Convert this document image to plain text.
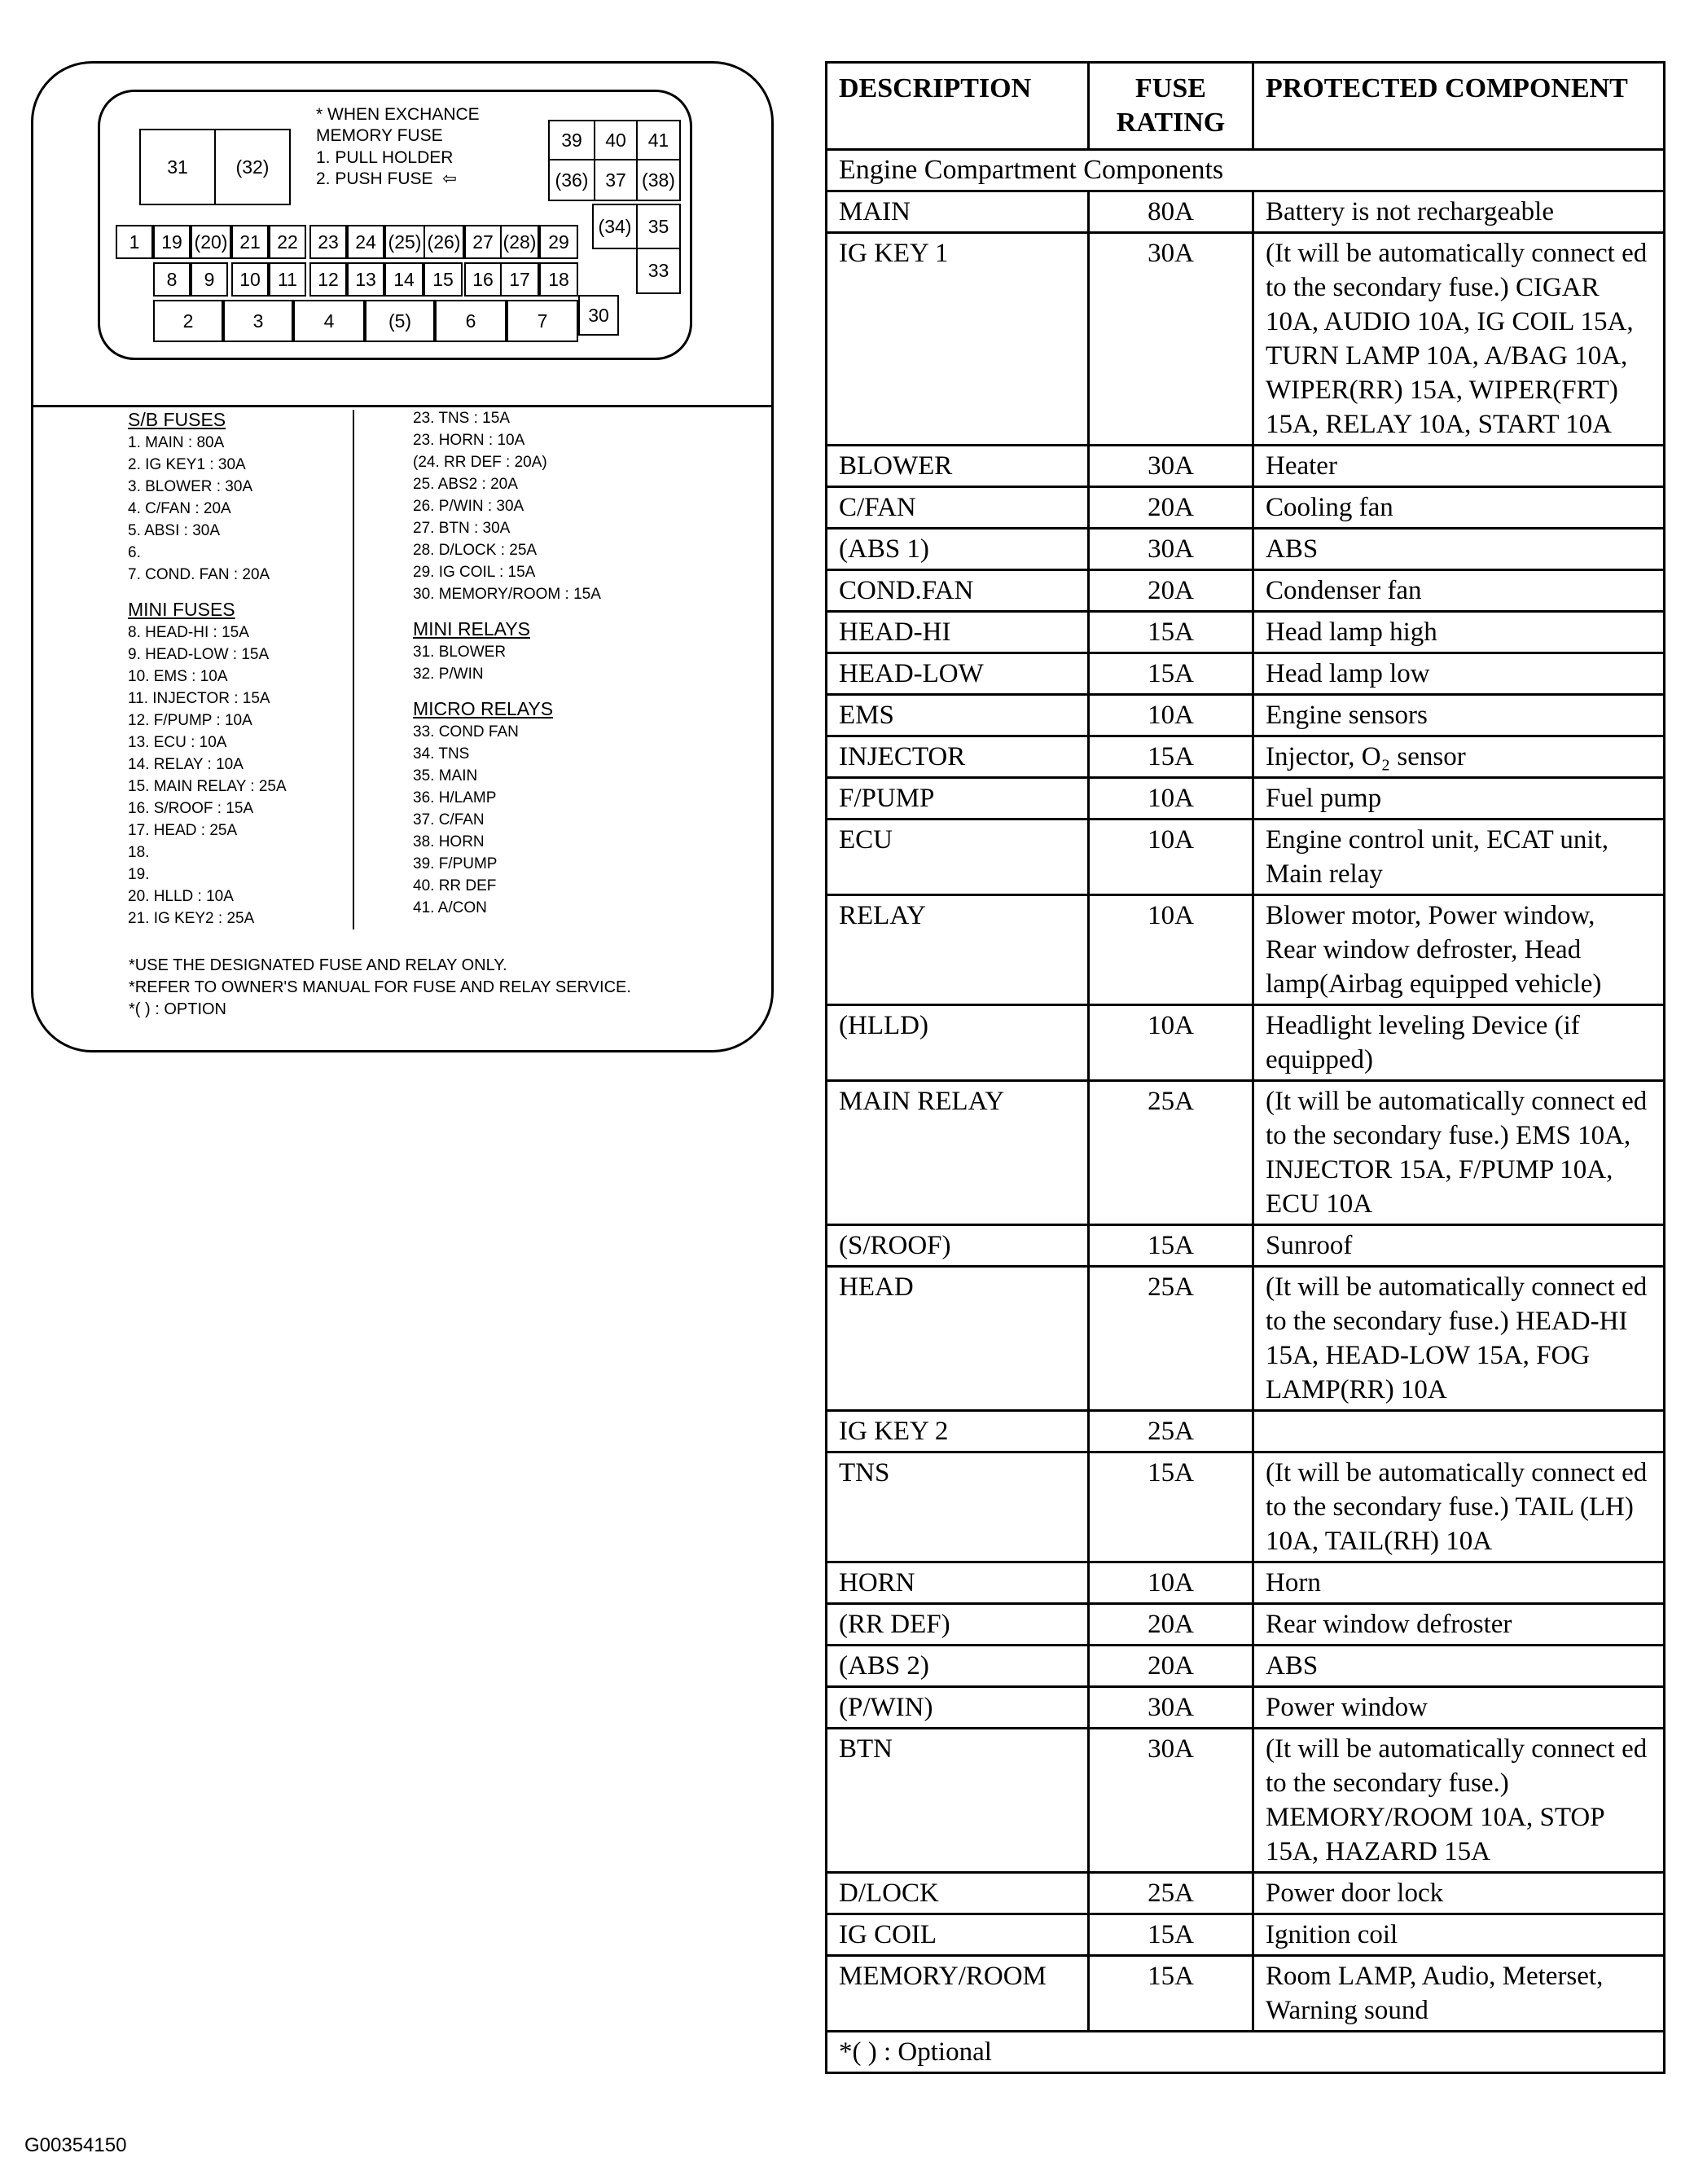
* WHEN EXCHANCE
MEMORY FUSE
1. PULL HOLDER
2. PUSH FUSE  ⇦
31	(32)
39	40	41
(36) 37 (38)
(34) 35
33
1	19 (20) 21 22	23 24 (25) (26) 27 (28) 29
8	9	10 11	12 13 14 15	16 17 18
30
2	3	4	(5)	6	7
S/B FUSES
1. MAIN : 80A
2. IG KEY1 : 30A
3. BLOWER : 30A
4. C/FAN : 20A
5. ABSI : 30A
6.
7. COND. FAN : 20A
MINI FUSES
8. HEAD-HI : 15A
9. HEAD-LOW : 15A
10. EMS : 10A
11. INJECTOR : 15A
12. F/PUMP : 10A
13. ECU : 10A
14. RELAY : 10A
15. MAIN RELAY : 25A
16. S/ROOF : 15A
17. HEAD : 25A
18.
19.
20. HLLD : 10A
21. IG KEY2 : 25A
23. TNS : 15A
23. HORN : 10A
(24. RR DEF : 20A)
25. ABS2 : 20A
26. P/WIN : 30A
27. BTN : 30A
28. D/LOCK : 25A
29. IG COIL : 15A
30. MEMORY/ROOM : 15A
MINI RELAYS
31. BLOWER
32. P/WIN
MICRO RELAYS
33. COND FAN
34. TNS
35. MAIN
36. H/LAMP
37. C/FAN
38. HORN
39. F/PUMP
40. RR DEF
41. A/CON
*USE THE DESIGNATED FUSE AND RELAY ONLY.
*REFER TO OWNER'S MANUAL FOR FUSE AND RELAY SERVICE.
*( ) : OPTION
DESCRIPTION	FUSE RATING	PROTECTED COMPONENT
Engine Compartment Components		
MAIN	80A	Battery is not rechargeable
IG KEY 1	30A	(It will be automatically connect ed to the secondary fuse.) CIGAR 10A, AUDIO 10A, IG COIL 15A, TURN LAMP 10A, A/BAG 10A, WIPER(RR) 15A, WIPER(FRT) 15A, RELAY 10A, START 10A
BLOWER	30A	Heater
C/FAN	20A	Cooling fan
(ABS 1)	30A	ABS
COND.FAN	20A	Condenser fan
HEAD-HI	15A	Head lamp high
HEAD-LOW	15A	Head lamp low
EMS	10A	Engine sensors
INJECTOR	15A	Injector, O₂ sensor
F/PUMP	10A	Fuel pump
ECU	10A	Engine control unit, ECAT unit, Main relay
RELAY	10A	Blower motor, Power window, Rear window defroster, Head lamp(Airbag equipped vehicle)
(HLLD)	10A	Headlight leveling Device (if equipped)
MAIN RELAY	25A	(It will be automatically connect ed to the secondary fuse.) EMS 10A, INJECTOR 15A, F/PUMP 10A, ECU 10A
(S/ROOF)	15A	Sunroof
HEAD	25A	(It will be automatically connect ed to the secondary fuse.) HEAD-HI 15A, HEAD-LOW 15A, FOG LAMP(RR) 10A
IG KEY 2	25A	
TNS	15A	(It will be automatically connect ed to the secondary fuse.) TAIL (LH) 10A, TAIL(RH) 10A
HORN	10A	Horn
(RR DEF)	20A	Rear window defroster
(ABS 2)	20A	ABS
(P/WIN)	30A	Power window
BTN	30A	(It will be automatically connect ed to the secondary fuse.) MEMORY/ROOM 10A, STOP 15A, HAZARD 15A
D/LOCK	25A	Power door lock
IG COIL	15A	Ignition coil
MEMORY/ROOM	15A	Room LAMP, Audio, Meterset, Warning sound
*( ) : Optional		
G00354150
